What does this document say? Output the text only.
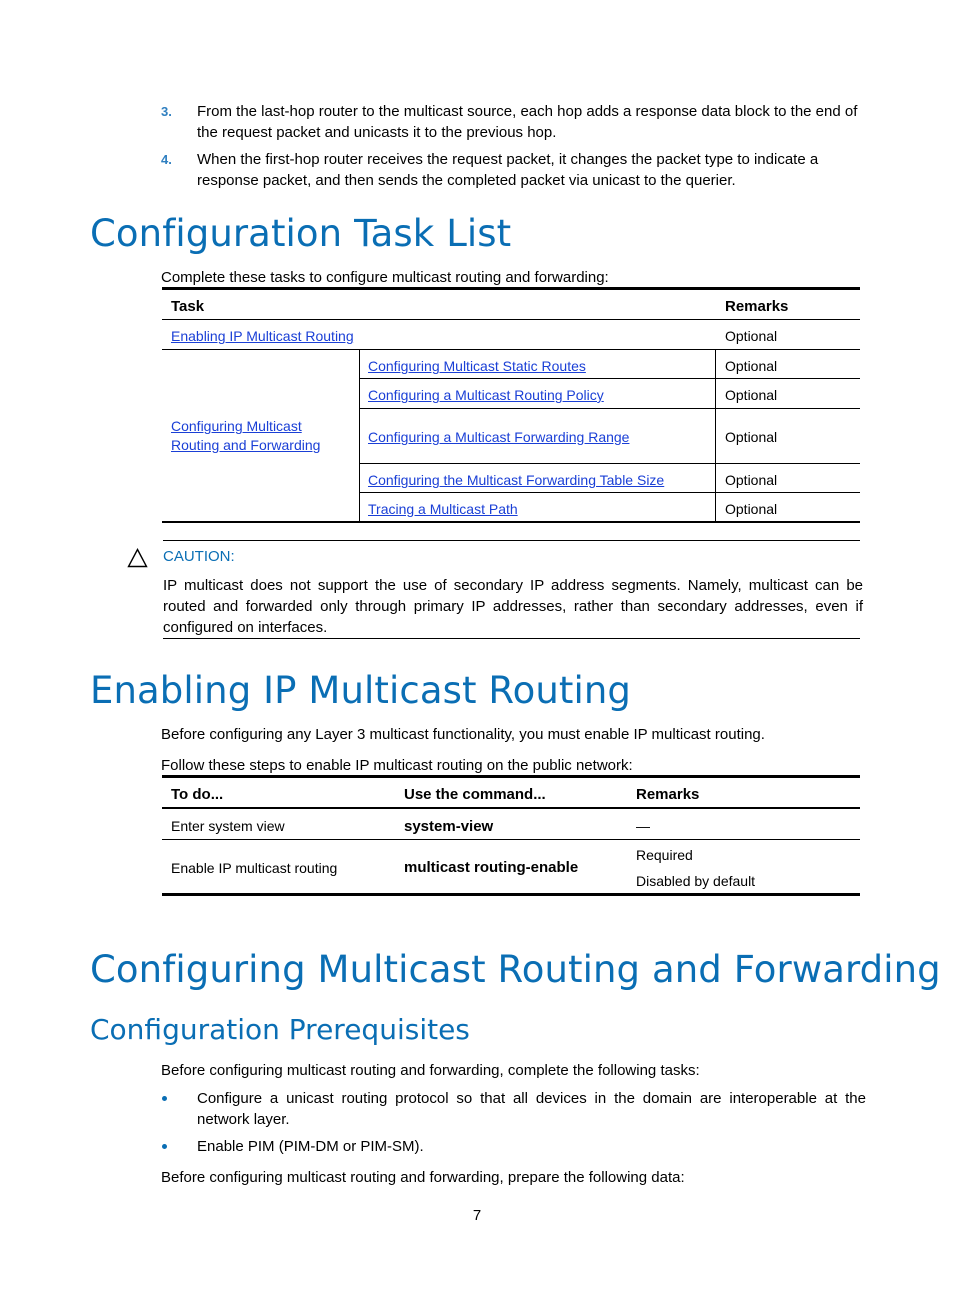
3. From the last-hop router to the multicast source, each hop adds a response data block to the end of the request packet and unicasts it to the previous hop.
4. When the first-hop router receives the request packet, it changes the packet type to indicate a response packet, and then sends the completed packet via unicast to the querier.
Configuration Task List
Complete these tasks to configure multicast routing and forwarding:
Task	Remarks
Enabling IP Multicast Routing	Optional
Configuring Multicast Routing and Forwarding
Configuring Multicast Static Routes	Optional
Configuring a Multicast Routing Policy	Optional
Configuring a Multicast Forwarding Range	Optional
Configuring the Multicast Forwarding Table Size	Optional
Tracing a Multicast Path	Optional
CAUTION:
IP multicast does not support the use of secondary IP address segments. Namely, multicast can be routed and forwarded only through primary IP addresses, rather than secondary addresses, even if configured on interfaces.
Enabling IP Multicast Routing
Before configuring any Layer 3 multicast functionality, you must enable IP multicast routing.
Follow these steps to enable IP multicast routing on the public network:
To do...	Use the command...	Remarks
Enter system view	system-view	—
Enable IP multicast routing	multicast routing-enable
Required
Disabled by default
Configuring Multicast Routing and Forwarding
Configuration Prerequisites
Before configuring multicast routing and forwarding, complete the following tasks:
Configure a unicast routing protocol so that all devices in the domain are interoperable at the network layer.
Enable PIM (PIM-DM or PIM-SM).
Before configuring multicast routing and forwarding, prepare the following data:
7
